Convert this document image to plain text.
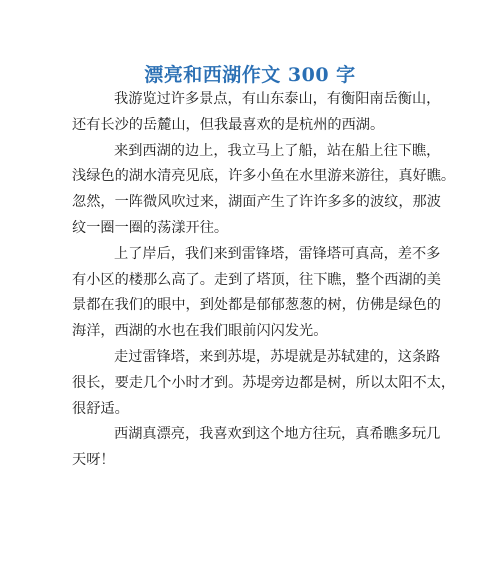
漂亮和西湖作文 300 字
我游览过许多景点，有山东泰山，有衡阳南岳衡山，
还有长沙的岳麓山，但我最喜欢的是杭州的西湖。
来到西湖的边上，我立马上了船，站在船上往下瞧，
浅绿色的湖水清亮见底，许多小鱼在水里游来游往，真好瞧。
忽然，一阵微风吹过来，湖面产生了许许多多的波纹，那波
纹一圈一圈的荡漾开往。
上了岸后，我们来到雷锋塔，雷锋塔可真高，差不多
有小区的楼那么高了。走到了塔顶，往下瞧，整个西湖的美
景都在我们的眼中，到处都是郁郁葱葱的树，仿佛是绿色的
海洋，西湖的水也在我们眼前闪闪发光。
走过雷锋塔，来到苏堤，苏堤就是苏轼建的，这条路
很长，要走几个小时才到。苏堤旁边都是树，所以太阳不太，
很舒适。
西湖真漂亮，我喜欢到这个地方往玩，真希瞧多玩几
天呀！
